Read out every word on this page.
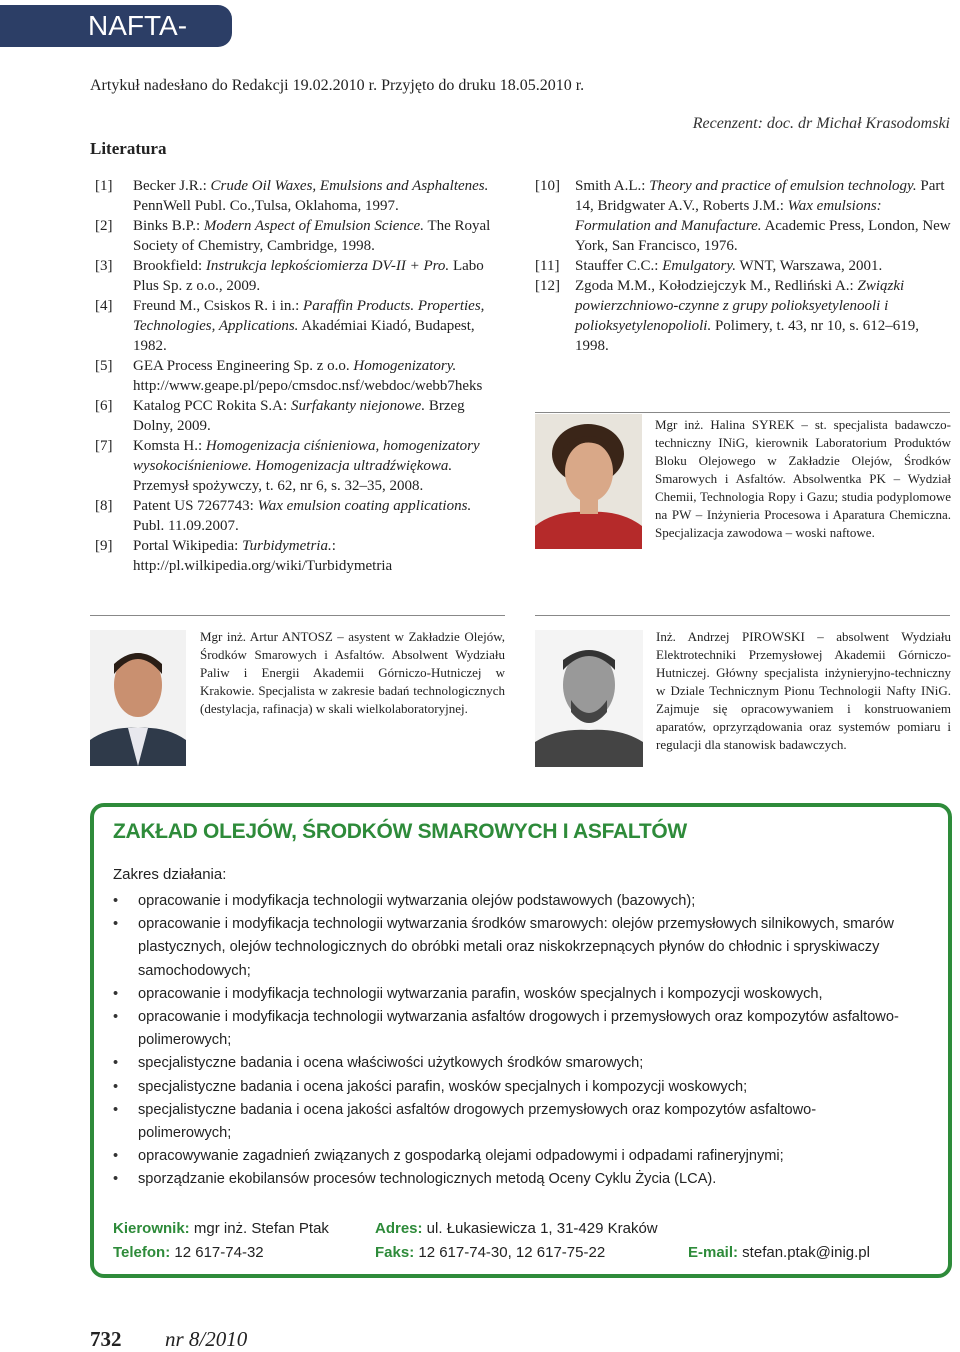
NAFTA-GAZ
Artykuł nadesłano do Redakcji 19.02.2010 r. Przyjęto do druku 18.05.2010 r.
Recenzent: doc. dr Michał Krasodomski
Literatura
[1]	Becker J.R.: Crude Oil Waxes, Emulsions and Asphaltenes. PennWell Publ. Co.,Tulsa, Oklahoma, 1997.
[2]	Binks B.P.: Modern Aspect of Emulsion Science. The Royal Society of Chemistry, Cambridge, 1998.
[3]	Brookfield: Instrukcja lepkościomierza DV-II + Pro. Labo Plus Sp. z o.o., 2009.
[4]	Freund M., Csiskos R. i in.: Paraffin Products. Properties, Technologies, Applications. Akadémiai Kiadó, Budapest, 1982.
[5]	GEA Process Engineering Sp. z o.o. Homogenizatory. http://www.geape.pl/pepo/cmsdoc.nsf/webdoc/webb7heks
[6]	Katalog PCC Rokita S.A: Surfakanty niejonowe. Brzeg Dolny, 2009.
[7]	Komsta H.: Homogenizacja ciśnieniowa, homogenizatory wysokociśnieniowe. Homogenizacja ultradźwiękowa. Przemysł spożywczy, t. 62, nr 6, s. 32–35, 2008.
[8]	Patent US 7267743: Wax emulsion coating applications. Publ. 11.09.2007.
[9]	Portal Wikipedia: Turbidymetria.: http://pl.wilkipedia.org/wiki/Turbidymetria
[10]	Smith A.L.: Theory and practice of emulsion technology. Part 14, Bridgwater A.V., Roberts J.M.: Wax emulsions: Formulation and Manufacture. Academic Press, London, New York, San Francisco, 1976.
[11]	Stauffer C.C.: Emulgatory. WNT, Warszawa, 2001.
[12]	Zgoda M.M., Kołodziejczyk M., Redliński A.: Związki powierzchniowo-czynne z grupy polioksyetylenooli i polioksyetylenopolioli. Polimery, t. 43, nr 10, s. 612–619, 1998.
Mgr inż. Halina SYREK – st. specjalista badawczo-techniczny INiG, kierownik Laboratorium Produktów Bloku Olejowego w Zakładzie Olejów, Środków Smarowych i Asfaltów. Absolwentka PK – Wydział Chemii, Technologia Ropy i Gazu; studia podyplomowe na PW – Inżynieria Procesowa i Aparatura Chemiczna. Specjalizacja zawodowa – woski naftowe.
Mgr inż. Artur ANTOSZ – asystent w Zakładzie Olejów, Środków Smarowych i Asfaltów. Absolwent Wydziału Paliw i Energii Akademii Górniczo-Hutniczej w Krakowie. Specjalista w zakresie badań technologicznych (destylacja, rafinacja) w skali wielkolaboratoryjnej.
Inż. Andrzej PIROWSKI – absolwent Wydziału Elektrotechniki Przemysłowej Akademii Górniczo-Hutniczej. Główny specjalista inżynieryjno-techniczny w Dziale Technicznym Pionu Technologii Nafty INiG. Zajmuje się opracowywaniem i konstruowaniem aparatów, oprzyrządowania oraz systemów pomiaru i regulacji dla stanowisk badawczych.
ZAKŁAD OLEJÓW, ŚRODKÓW SMAROWYCH I ASFALTÓW
Zakres działania:
• opracowanie i modyfikacja technologii wytwarzania olejów podstawowych (bazowych);
• opracowanie i modyfikacja technologii wytwarzania środków smarowych: olejów przemysłowych silnikowych, smarów plastycznych, olejów technologicznych do obróbki metali oraz niskokrzepnących płynów do chłodnic i spryskiwaczy samochodowych;
• opracowanie i modyfikacja technologii wytwarzania parafin, wosków specjalnych i kompozycji woskowych,
• opracowanie i modyfikacja technologii wytwarzania asfaltów drogowych i przemysłowych oraz kompozytów asfaltowo-polimerowych;
• specjalistyczne badania i ocena właściwości użytkowych środków smarowych;
• specjalistyczne badania i ocena jakości parafin, wosków specjalnych i kompozycji woskowych;
• specjalistyczne badania i ocena jakości asfaltów drogowych przemysłowych oraz kompozytów asfaltowo-polimerowych;
• opracowywanie zagadnień związanych z gospodarką olejami odpadowymi i odpadami rafineryjnymi;
• sporządzanie ekobilansów procesów technologicznych metodą Oceny Cyklu Życia (LCA).
Kierownik: mgr inż. Stefan Ptak	Adres: ul. Łukasiewicza 1, 31-429 Kraków
Telefon: 12 617-74-32	Faks: 12 617-74-30, 12 617-75-22	E-mail: stefan.ptak@inig.pl
732 nr 8/2010
